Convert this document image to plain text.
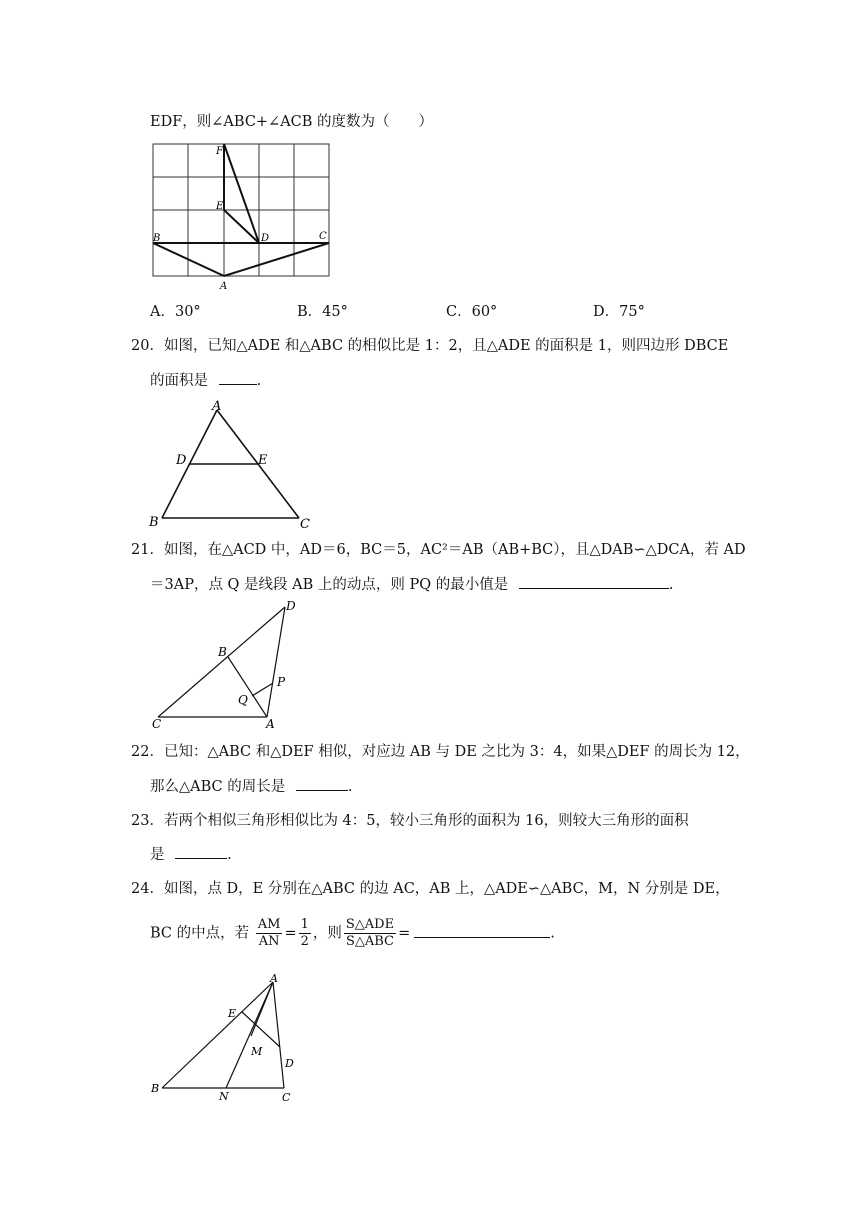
EDF，则∠ABC+∠ACB 的度数为（　　）
F
E
D
B	C
A
A．30°	B．45°	C．60°	D．75°
20．如图，已知△ADE 和△ABC 的相似比是 1：2，且△ADE 的面积是 1，则四边形 DBCE
的面积是	.
A
D	E
B	C
21．如图，在△ACD 中，AD＝6，BC＝5，AC²＝AB（AB+BC），且△DAB∽△DCA，若 AD
＝3AP，点 Q 是线段 AB 上的动点，则 PQ 的最小值是	.
D
B
P
Q
C	A
22．已知：△ABC 和△DEF 相似，对应边 AB 与 DE 之比为 3：4，如果△DEF 的周长为 12，
那么△ABC 的周长是	.
23．若两个相似三角形相似比为 4：5，较小三角形的面积为 16，则较大三角形的面积
是	.
24．如图，点 D，E 分别在△ABC 的边 AC，AB 上，△ADE∽△ABC，M，N 分别是 DE，
BC 的中点，若 $\frac{AM}{AN} = \frac{1}{2}$ ，则 $\frac{\text{S△ADE}}{\text{S△ABC}}$ =	.
A
E
M
D
B
N	C
